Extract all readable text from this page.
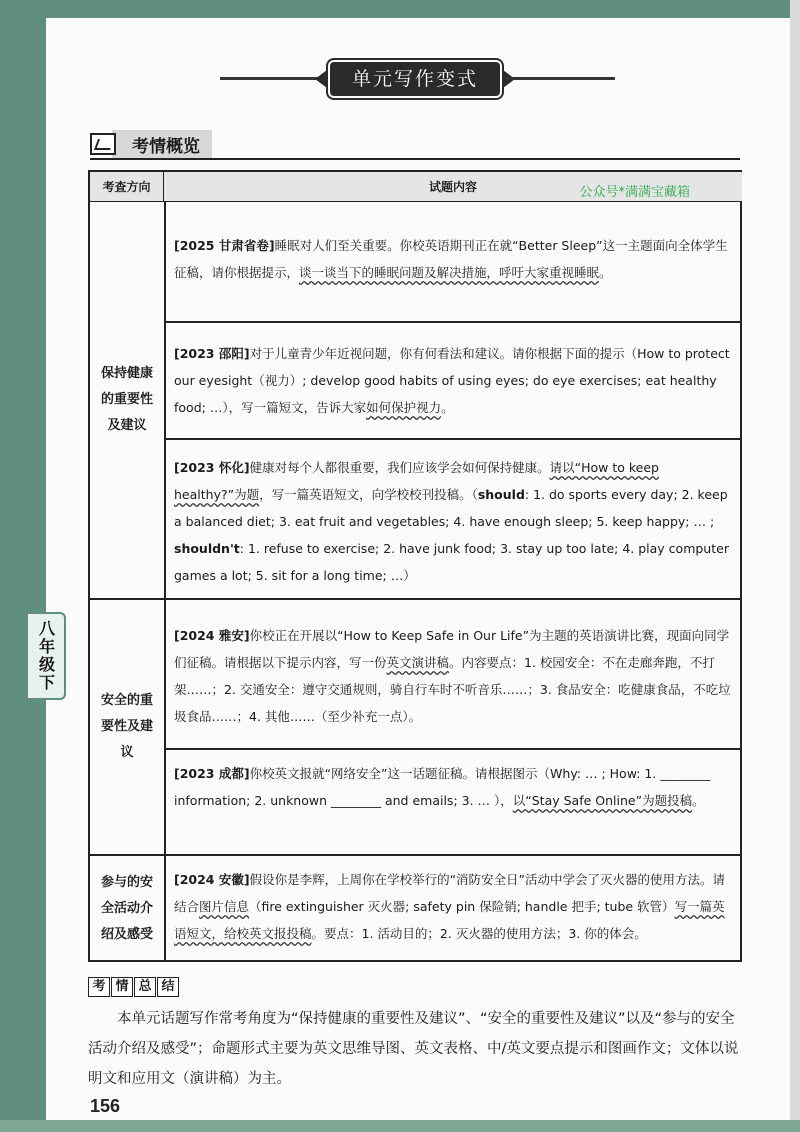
单元写作变式
考情概览
考查方向	试题内容	公众号*满满宝藏箱
保持健康的重要性及建议
安全的重要性及建议
参与的安全活动介绍及感受
[2025 甘肃省卷]睡眠对人们至关重要。你校英语期刊正在就“Better Sleep”这一主题面向全体学生征稿，请你根据提示，谈一谈当下的睡眠问题及解决措施，呼吁大家重视睡眠。
[2023 邵阳]对于儿童青少年近视问题，你有何看法和建议。请你根据下面的提示（How to protect our eyesight（视力）; develop good habits of using eyes; do eye exercises; eat healthy food; …），写一篇短文，告诉大家如何保护视力。
[2023 怀化]健康对每个人都很重要，我们应该学会如何保持健康。请以“How to keep healthy?”为题，写一篇英语短文，向学校校刊投稿。（should: 1. do sports every day; 2. keep a balanced diet; 3. eat fruit and vegetables; 4. have enough sleep; 5. keep happy; … ; shouldn't: 1. refuse to exercise; 2. have junk food; 3. stay up too late; 4. play computer games a lot; 5. sit for a long time; …）
[2024 雅安]你校正在开展以“How to Keep Safe in Our Life”为主题的英语演讲比赛，现面向同学们征稿。请根据以下提示内容，写一份英文演讲稿。内容要点：1. 校园安全：不在走廊奔跑，不打架……；2. 交通安全：遵守交通规则，骑自行车时不听音乐……；3. 食品安全：吃健康食品，不吃垃圾食品……；4. 其他……（至少补充一点）。
[2023 成都]你校英文报就“网络安全”这一话题征稿。请根据图示（Why: … ; How: 1. ________ information; 2. unknown ________ and emails; 3. … ），以“Stay Safe Online”为题投稿。
[2024 安徽]假设你是李辉，上周你在学校举行的“消防安全日”活动中学会了灭火器的使用方法。请结合图片信息（fire extinguisher 灭火器; safety pin 保险销; handle 把手; tube 软管）写一篇英语短文，给校英文报投稿。要点：1. 活动目的；2. 灭火器的使用方法；3. 你的体会。
八年级下
考 情 总 结
本单元话题写作常考角度为“保持健康的重要性及建议”、“安全的重要性及建议”以及“参与的安全活动介绍及感受”；命题形式主要为英文思维导图、英文表格、中/英文要点提示和图画作文；文体以说明文和应用文（演讲稿）为主。
156
